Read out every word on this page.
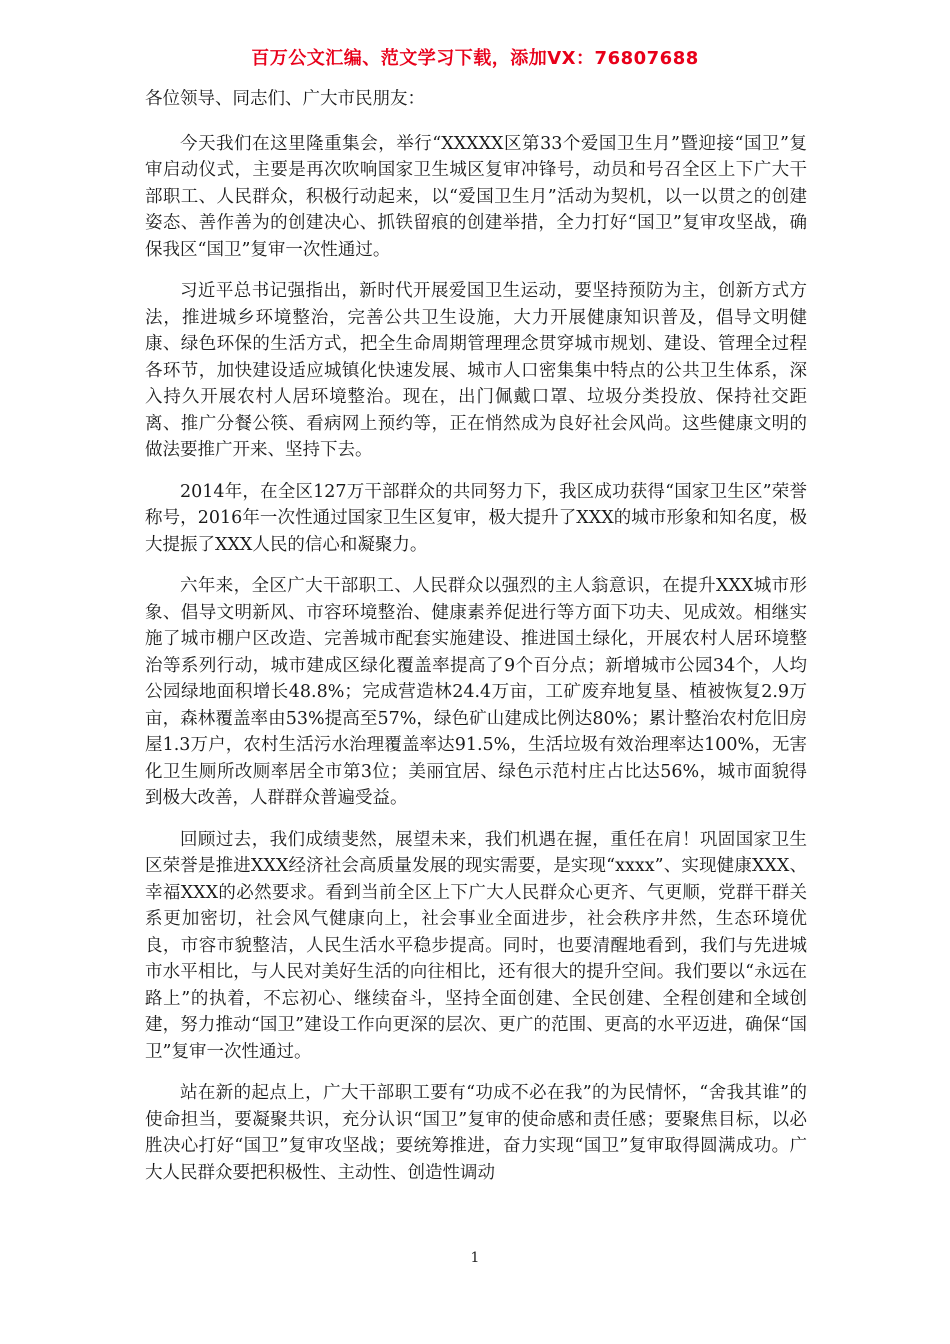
百万公文汇编、范文学习下载，添加VX：76807688

各位领导、同志们、广大市民朋友：

今天我们在这里隆重集会，举行“XXXXX区第33个爱国卫生月”暨迎接“国卫”复审启动仪式，主要是再次吹响国家卫生城区复审冲锋号，动员和号召全区上下广大干部职工、人民群众，积极行动起来，以“爱国卫生月”活动为契机，以一以贯之的创建姿态、善作善为的创建决心、抓铁留痕的创建举措，全力打好“国卫”复审攻坚战，确保我区“国卫”复审一次性通过。

习近平总书记强指出，新时代开展爱国卫生运动，要坚持预防为主，创新方式方法，推进城乡环境整治，完善公共卫生设施，大力开展健康知识普及，倡导文明健康、绿色环保的生活方式，把全生命周期管理理念贯穿城市规划、建设、管理全过程各环节，加快建设适应城镇化快速发展、城市人口密集集中特点的公共卫生体系，深入持久开展农村人居环境整治。现在，出门佩戴口罩、垃圾分类投放、保持社交距离、推广分餐公筷、看病网上预约等，正在悄然成为良好社会风尚。这些健康文明的做法要推广开来、坚持下去。

2014年，在全区127万干部群众的共同努力下，我区成功获得“国家卫生区”荣誉称号，2016年一次性通过国家卫生区复审，极大提升了XXX的城市形象和知名度，极大提振了XXX人民的信心和凝聚力。

六年来，全区广大干部职工、人民群众以强烈的主人翁意识，在提升XXX城市形象、倡导文明新风、市容环境整治、健康素养促进行等方面下功夫、见成效。相继实施了城市棚户区改造、完善城市配套实施建设、推进国土绿化，开展农村人居环境整治等系列行动，城市建成区绿化覆盖率提高了9个百分点；新增城市公园34个，人均公园绿地面积增长48.8%；完成营造林24.4万亩，工矿废弃地复垦、植被恢复2.9万亩，森林覆盖率由53%提高至57%，绿色矿山建成比例达80%；累计整治农村危旧房屋1.3万户，农村生活污水治理覆盖率达91.5%，生活垃圾有效治理率达100%，无害化卫生厕所改厕率居全市第3位；美丽宜居、绿色示范村庄占比达56%，城市面貌得到极大改善，人群群众普遍受益。

回顾过去，我们成绩斐然，展望未来，我们机遇在握，重任在肩！巩固国家卫生区荣誉是推进XXX经济社会高质量发展的现实需要，是实现“xxxx”、实现健康XXX、幸福XXX的必然要求。看到当前全区上下广大人民群众心更齐、气更顺，党群干群关系更加密切，社会风气健康向上，社会事业全面进步，社会秩序井然，生态环境优良，市容市貌整洁，人民生活水平稳步提高。同时，也要清醒地看到，我们与先进城市水平相比，与人民对美好生活的向往相比，还有很大的提升空间。我们要以“永远在路上”的执着，不忘初心、继续奋斗，坚持全面创建、全民创建、全程创建和全域创建，努力推动“国卫”建设工作向更深的层次、更广的范围、更高的水平迈进，确保“国卫”复审一次性通过。

站在新的起点上，广大干部职工要有“功成不必在我”的为民情怀，“舍我其谁”的使命担当，要凝聚共识，充分认识“国卫”复审的使命感和责任感；要聚焦目标，以必胜决心打好“国卫”复审攻坚战；要统筹推进，奋力实现“国卫”复审取得圆满成功。广大人民群众要把积极性、主动性、创造性调动

1
